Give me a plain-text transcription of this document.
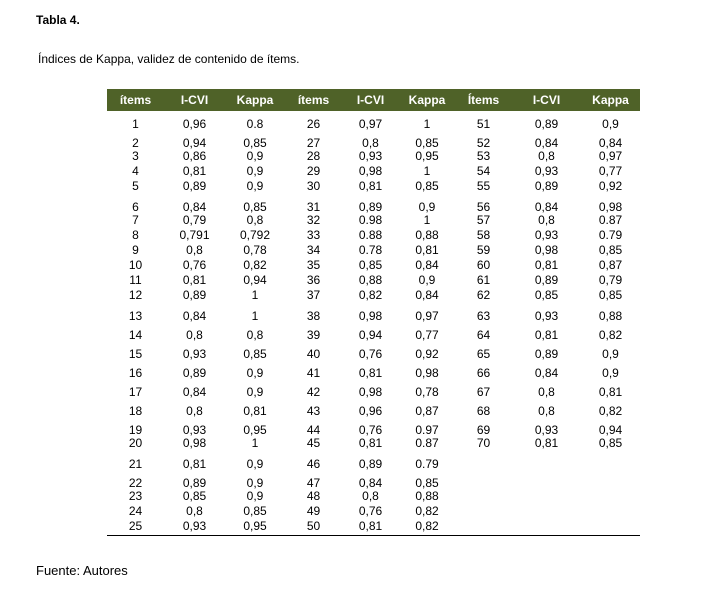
Tabla 4.
Índices de Kappa, validez de contenido de ítems.
ítems	I-CVI	Kappa	ítems	I-CVI	Kappa	Ítems	I-CVI	Kappa
1	0,96	0.8	26	0,97	1	51	0,89	0,9
2	0,94	0,85	27	0,8	0,85	52	0,84	0,84
3	0,86	0,9	28	0,93	0,95	53	0,8	0,97
4	0,81	0,9	29	0,98	1	54	0,93	0,77
5	0,89	0,9	30	0,81	0,85	55	0,89	0,92
6	0,84	0,85	31	0,89	0,9	56	0,84	0,98
7	0,79	0,8	32	0.98	1	57	0,8	0.87
8	0,791	0,792	33	0.88	0,88	58	0,93	0.79
9	0,8	0,78	34	0.78	0,81	59	0,98	0,85
10	0,76	0,82	35	0,85	0,84	60	0,81	0,87
11	0,81	0,94	36	0,88	0,9	61	0,89	0,79
12	0,89	1	37	0,82	0,84	62	0,85	0,85
13	0,84	1	38	0,98	0,97	63	0,93	0,88
14	0,8	0,8	39	0,94	0,77	64	0,81	0,82
15	0,93	0,85	40	0,76	0,92	65	0,89	0,9
16	0,89	0,9	41	0,81	0,98	66	0,84	0,9
17	0,84	0,9	42	0,98	0,78	67	0,8	0,81
18	0,8	0,81	43	0,96	0,87	68	0,8	0,82
19	0,93	0,95	44	0,76	0.97	69	0,93	0,94
20	0,98	1	45	0,81	0.87	70	0,81	0,85
21	0,81	0,9	46	0,89	0.79			
22	0,89	0,9	47	0,84	0,85			
23	0,85	0,9	48	0,8	0,88			
24	0,8	0,85	49	0,76	0,82			
25	0,93	0,95	50	0,81	0,82			
Fuente: Autores
